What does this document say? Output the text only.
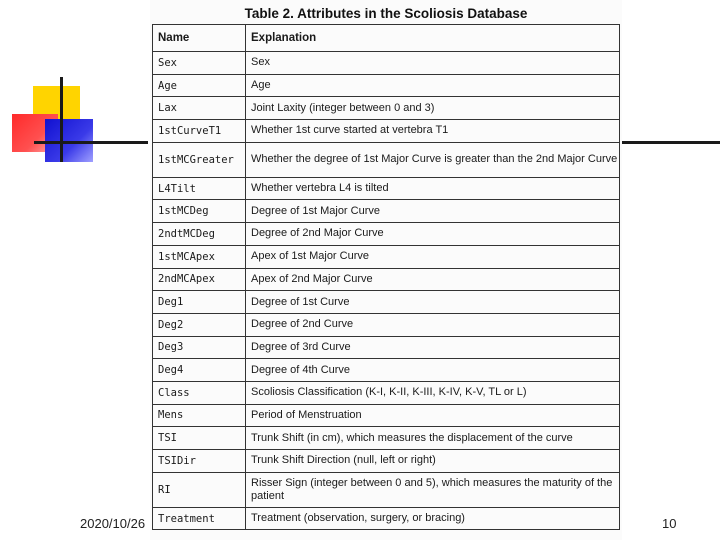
Table 2. Attributes in the Scoliosis Database
Name	Explanation
Sex	Sex
Age	Age
Lax	Joint Laxity (integer between 0 and 3)
1stCurveT1	Whether 1st curve started at vertebra T1
1stMCGreater	Whether the degree of 1st Major Curve is greater than the 2nd Major Curve
L4Tilt	Whether vertebra L4 is tilted
1stMCDeg	Degree of 1st Major Curve
2ndtMCDeg	Degree of 2nd Major Curve
1stMCApex	Apex of 1st Major Curve
2ndMCApex	Apex of 2nd Major Curve
Deg1	Degree of 1st Curve
Deg2	Degree of 2nd Curve
Deg3	Degree of 3rd Curve
Deg4	Degree of 4th Curve
Class	Scoliosis Classification (K-I, K-II, K-III, K-IV, K-V, TL or L)
Mens	Period of Menstruation
TSI	Trunk Shift (in cm), which measures the displacement of the curve
TSIDir	Trunk Shift Direction (null, left or right)
RI	Risser Sign (integer between 0 and 5), which measures the maturity of the patient
Treatment	Treatment (observation, surgery, or bracing)
2020/10/26	10
